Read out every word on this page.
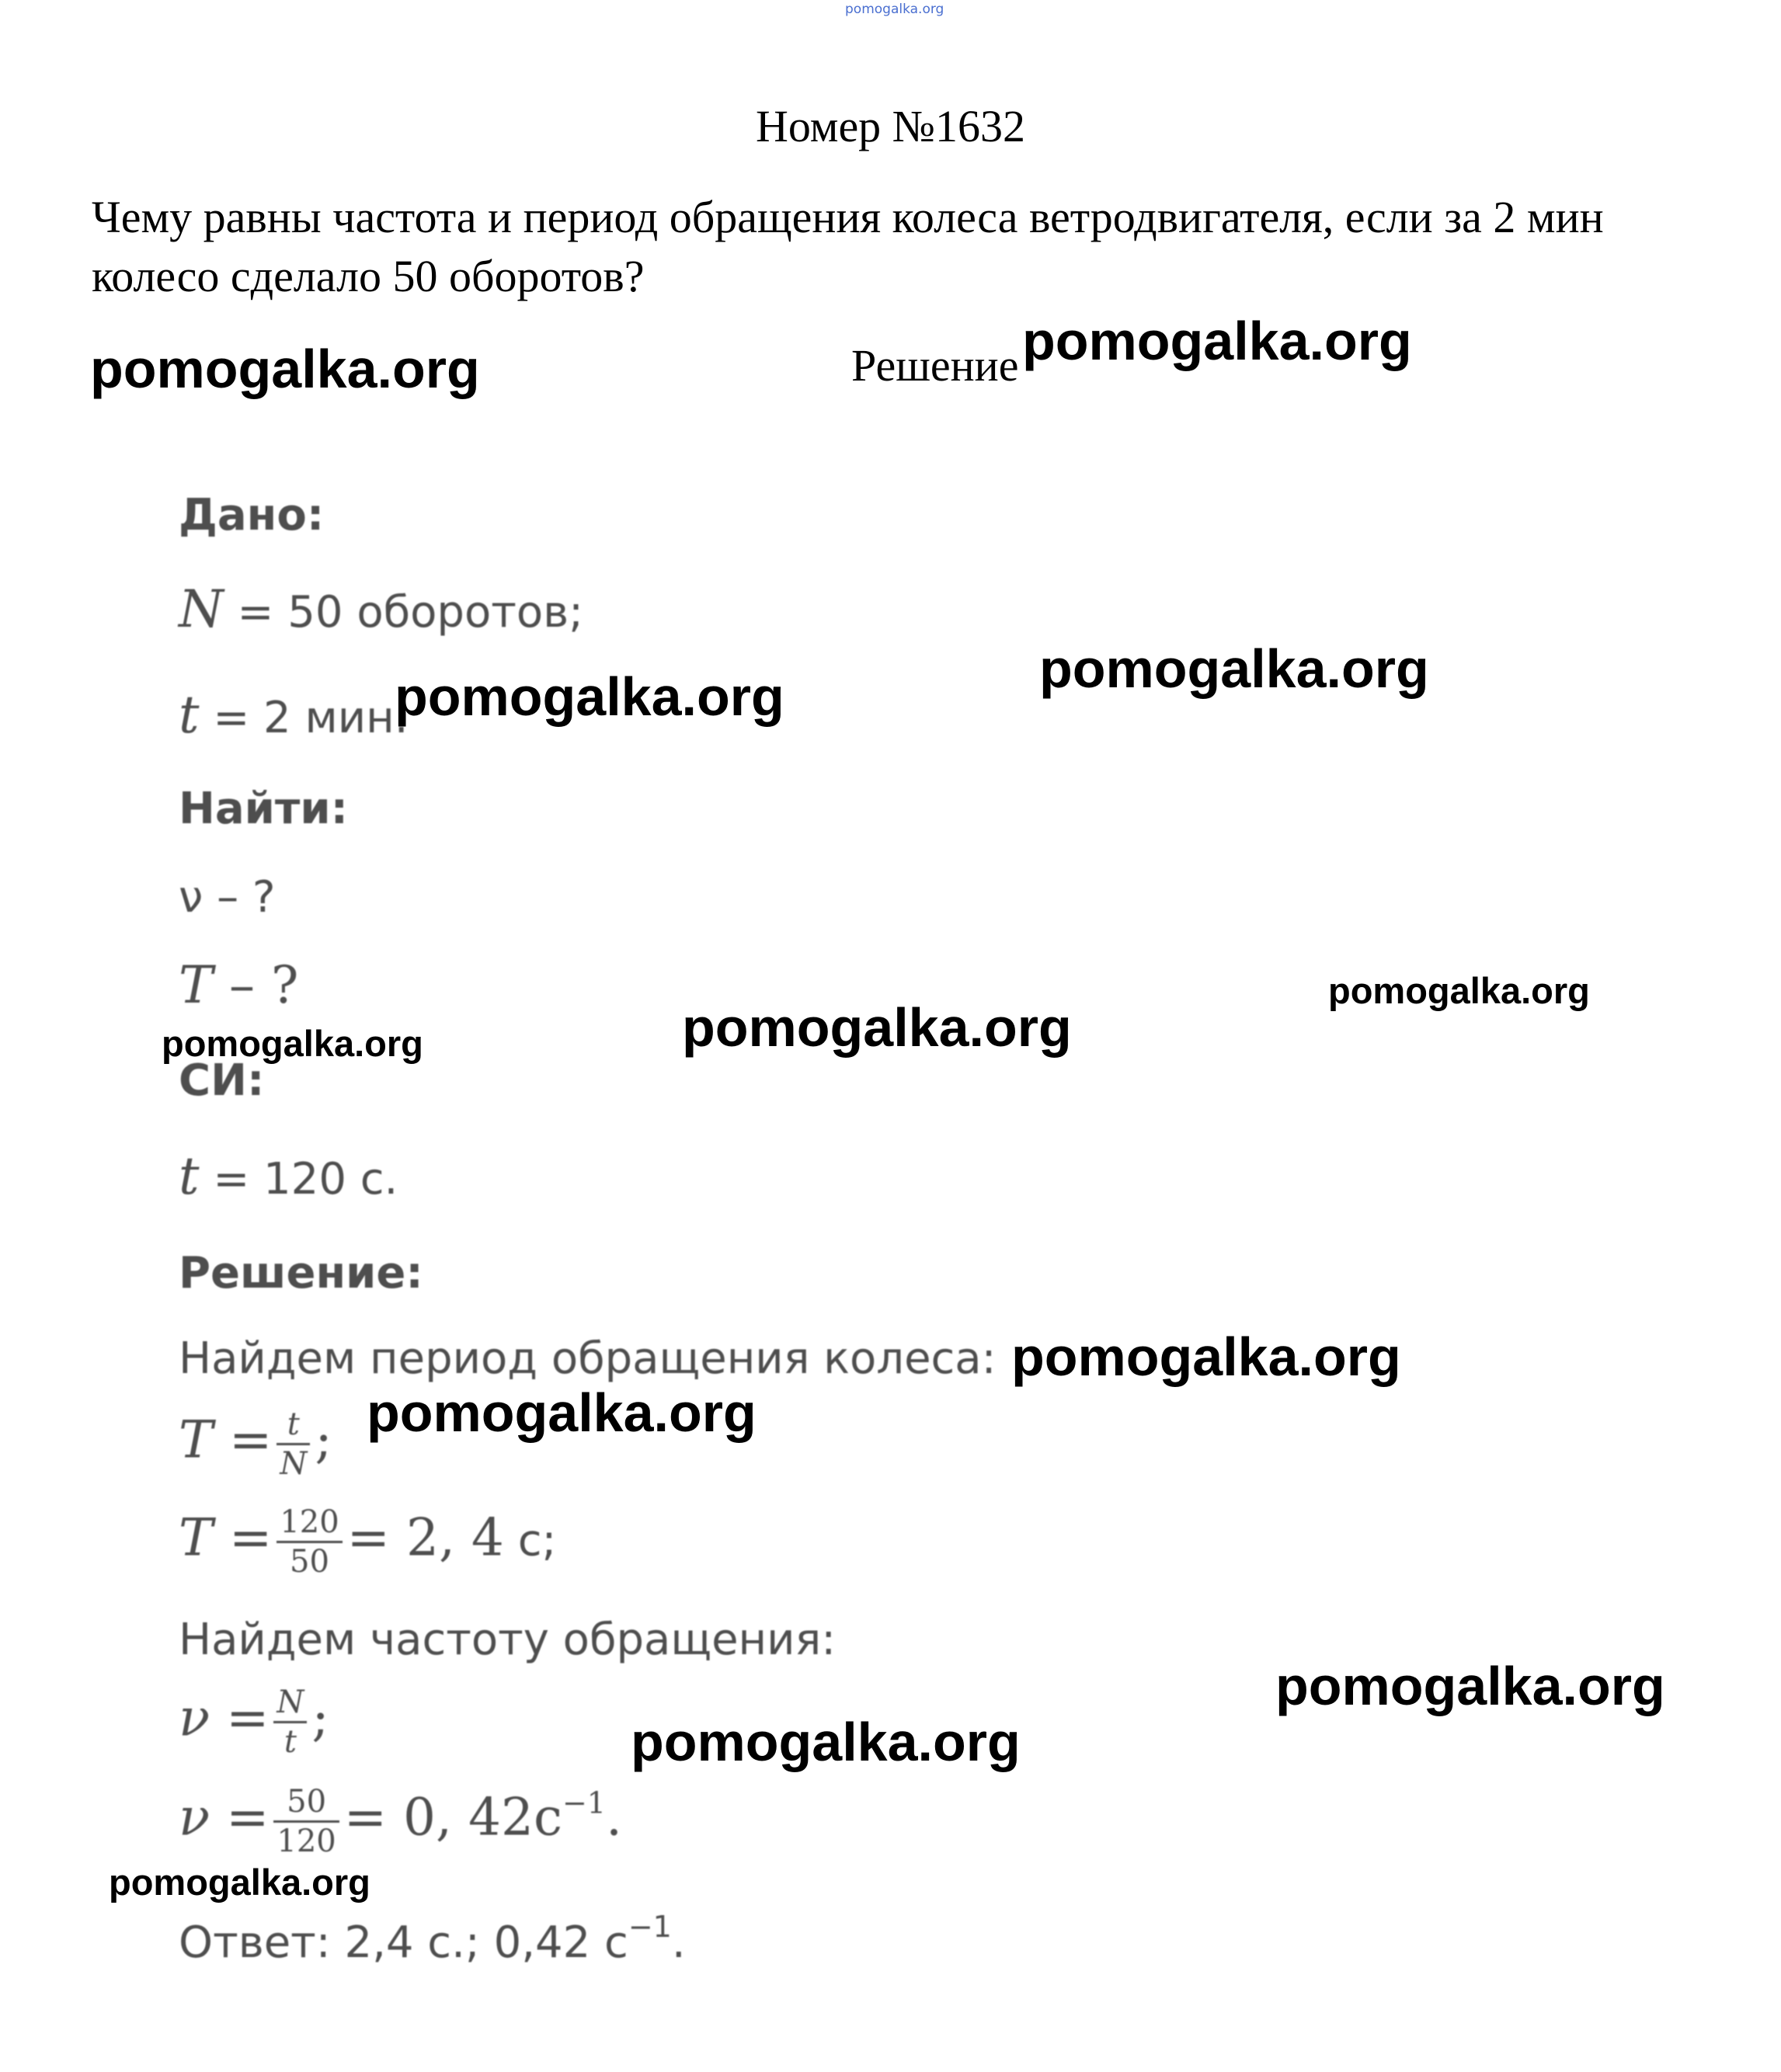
pomogalka.org
Номер №1632
Чему равны частота и период обращения колеса ветродвигателя, если за 2 мин колесо сделало 50 оборотов?
Решение
pomogalka.org	pomogalka.org
pomogalka.org
pomogalka.org
pomogalka.org
pomogalka.org
pomogalka.org
pomogalka.org
pomogalka.org
pomogalka.org
pomogalka.org
pomogalka.org
Дано:
N = 50 оборотов;
t = 2 мин.
Найти:
ν – ?
T – ?
СИ:
t = 120 с.
Решение:
Найдем период обращения колеса:
$T = \frac{t}{N}$ ;
$T = \frac{120}{50} = 2$, 4 с;
Найдем частоту обращения:
$\nu = \frac{N}{t}$ ;
$\nu = \frac{50}{120} = 0$, $42с^{-1}$.
Ответ: 2,4 с.; 0,42 $с^{-1}$.
